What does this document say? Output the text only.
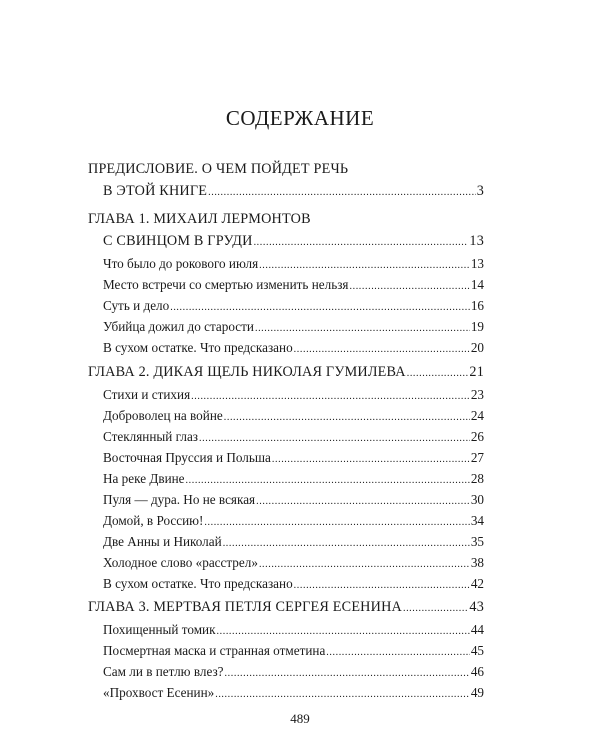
СОДЕРЖАНИЕ
ПРЕДИСЛОВИЕ. О ЧЕМ ПОЙДЕТ РЕЧЬ
В ЭТОЙ КНИГЕ .....	3
ГЛАВА 1. МИХАИЛ ЛЕРМОНТОВ
С СВИНЦОМ В ГРУДИ .....	13
Что было до рокового июля .....	13
Место встречи со смертью изменить нельзя .....	14
Суть и дело .....	16
Убийца дожил до старости .....	19
В сухом остатке. Что предсказано .....	20
ГЛАВА 2. ДИКАЯ ЩЕЛЬ НИКОЛАЯ ГУМИЛЕВА .....	21
Стихи и стихия .....	23
Доброволец на войне .....	24
Стеклянный глаз .....	26
Восточная Пруссия и Польша .....	27
На реке Двине .....	28
Пуля — дура. Но не всякая .....	30
Домой, в Россию! .....	34
Две Анны и Николай .....	35
Холодное слово «расстрел» .....	38
В сухом остатке. Что предсказано .....	42
ГЛАВА 3. МЕРТВАЯ ПЕТЛЯ СЕРГЕЯ ЕСЕНИНА .....	43
Похищенный томик .....	44
Посмертная маска и странная отметина .....	45
Сам ли в петлю влез? .....	46
«Прохвост Есенин» .....	49
489
